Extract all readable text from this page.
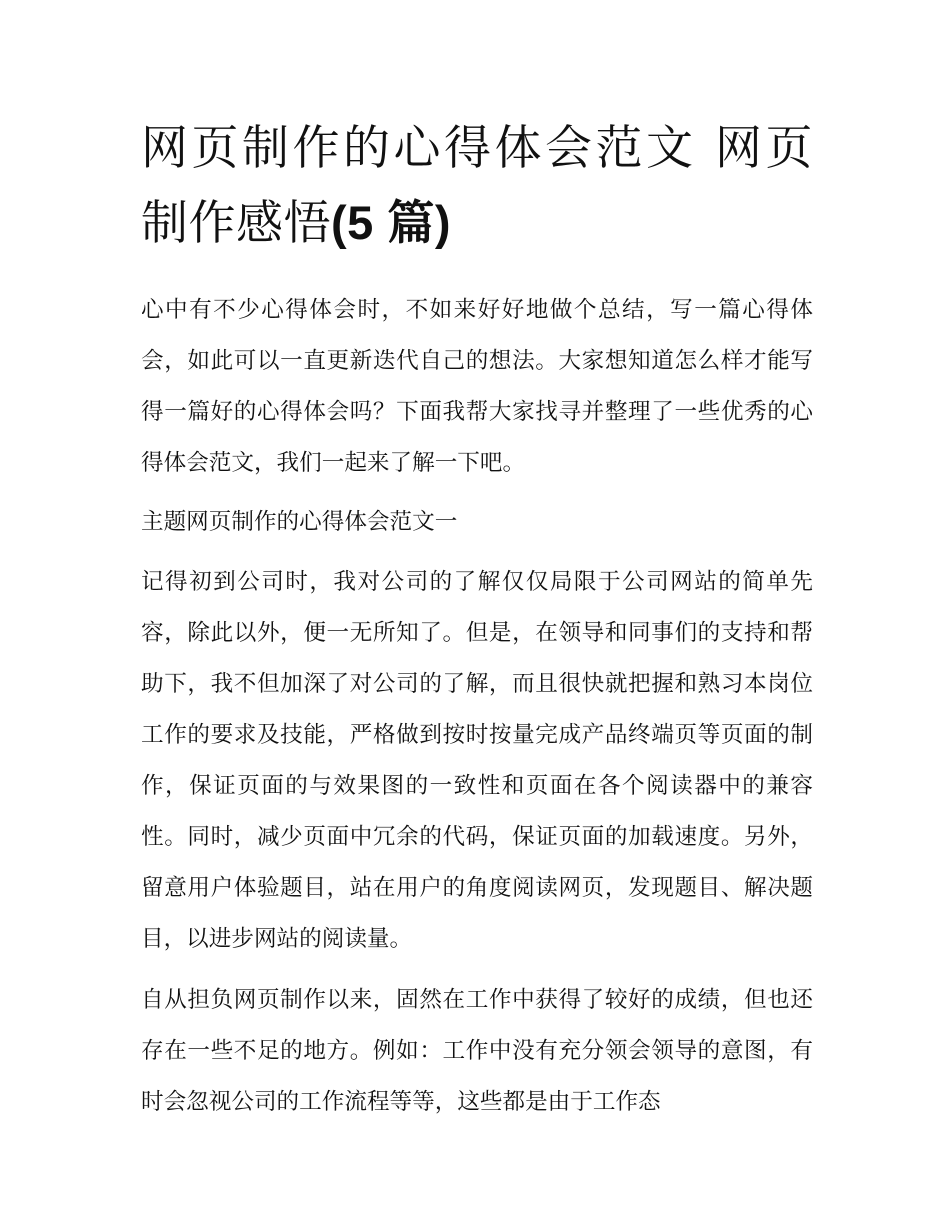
网页制作的心得体会范文 网页制作感悟(5 篇)

心中有不少心得体会时，不如来好好地做个总结，写一篇心得体会，如此可以一直更新迭代自己的想法。大家想知道怎么样才能写得一篇好的心得体会吗？下面我帮大家找寻并整理了一些优秀的心得体会范文，我们一起来了解一下吧。

主题网页制作的心得体会范文一

记得初到公司时，我对公司的了解仅仅局限于公司网站的简单先容，除此以外，便一无所知了。但是，在领导和同事们的支持和帮助下，我不但加深了对公司的了解，而且很快就把握和熟习本岗位工作的要求及技能，严格做到按时按量完成产品终端页等页面的制作，保证页面的与效果图的一致性和页面在各个阅读器中的兼容性。同时，减少页面中冗余的代码，保证页面的加载速度。另外，留意用户体验题目，站在用户的角度阅读网页，发现题目、解决题目，以进步网站的阅读量。

自从担负网页制作以来，固然在工作中获得了较好的成绩，但也还存在一些不足的地方。例如：工作中没有充分领会领导的意图，有时会忽视公司的工作流程等等，这些都是由于工作态
